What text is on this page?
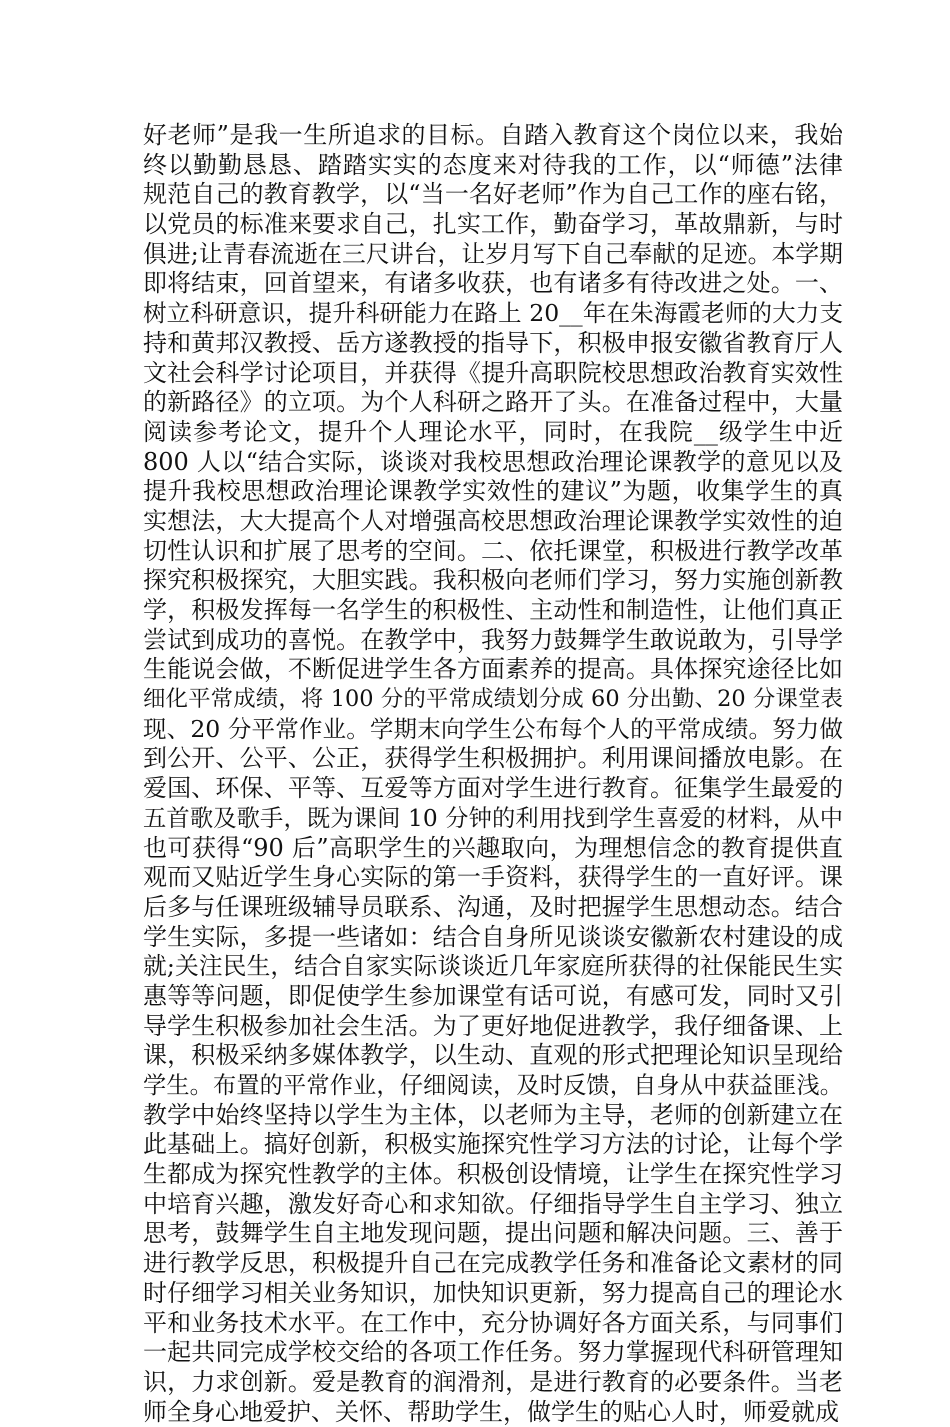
好老师”是我一生所追求的目标。自踏入教育这个岗位以来，我始
终以勤勤恳恳、踏踏实实的态度来对待我的工作，以“师德”法律
规范自己的教育教学，以“当一名好老师”作为自己工作的座右铭，
以党员的标准来要求自己，扎实工作，勤奋学习，革故鼎新，与时
俱进;让青春流逝在三尺讲台，让岁月写下自己奉献的足迹。本学期
即将结束，回首望来，有诸多收获，也有诸多有待改进之处。一、
树立科研意识，提升科研能力在路上 20__年在朱海霞老师的大力支
持和黄邦汉教授、岳方遂教授的指导下，积极申报安徽省教育厅人
文社会科学讨论项目，并获得《提升高职院校思想政治教育实效性
的新路径》的立项。为个人科研之路开了头。在准备过程中，大量
阅读参考论文，提升个人理论水平，同时，在我院__级学生中近
800 人以“结合实际，谈谈对我校思想政治理论课教学的意见以及
提升我校思想政治理论课教学实效性的建议”为题，收集学生的真
实想法，大大提高个人对增强高校思想政治理论课教学实效性的迫
切性认识和扩展了思考的空间。二、依托课堂，积极进行教学改革
探究积极探究，大胆实践。我积极向老师们学习，努力实施创新教
学，积极发挥每一名学生的积极性、主动性和制造性，让他们真正
尝试到成功的喜悦。在教学中，我努力鼓舞学生敢说敢为，引导学
生能说会做，不断促进学生各方面素养的提高。具体探究途径比如
细化平常成绩，将 100 分的平常成绩划分成 60 分出勤、20 分课堂表
现、20 分平常作业。学期末向学生公布每个人的平常成绩。努力做
到公开、公平、公正，获得学生积极拥护。利用课间播放电影。在
爱国、环保、平等、互爱等方面对学生进行教育。征集学生最爱的
五首歌及歌手，既为课间 10 分钟的利用找到学生喜爱的材料，从中
也可获得“90 后”高职学生的兴趣取向，为理想信念的教育提供直
观而又贴近学生身心实际的第一手资料，获得学生的一直好评。课
后多与任课班级辅导员联系、沟通，及时把握学生思想动态。结合
学生实际，多提一些诸如：结合自身所见谈谈安徽新农村建设的成
就;关注民生，结合自家实际谈谈近几年家庭所获得的社保能民生实
惠等等问题，即促使学生参加课堂有话可说，有感可发，同时又引
导学生积极参加社会生活。为了更好地促进教学，我仔细备课、上
课，积极采纳多媒体教学，以生动、直观的形式把理论知识呈现给
学生。布置的平常作业，仔细阅读，及时反馈，自身从中获益匪浅。
教学中始终坚持以学生为主体，以老师为主导，老师的创新建立在
此基础上。搞好创新，积极实施探究性学习方法的讨论，让每个学
生都成为探究性教学的主体。积极创设情境，让学生在探究性学习
中培育兴趣，激发好奇心和求知欲。仔细指导学生自主学习、独立
思考，鼓舞学生自主地发现问题，提出问题和解决问题。三、善于
进行教学反思，积极提升自己在完成教学任务和准备论文素材的同
时仔细学习相关业务知识，加快知识更新，努力提高自己的理论水
平和业务技术水平。在工作中，充分协调好各方面关系，与同事们
一起共同完成学校交给的各项工作任务。努力掌握现代科研管理知
识，力求创新。爱是教育的润滑剂，是进行教育的必要条件。当老
师全身心地爱护、关怀、帮助学生，做学生的贴心人时，师爱就成
